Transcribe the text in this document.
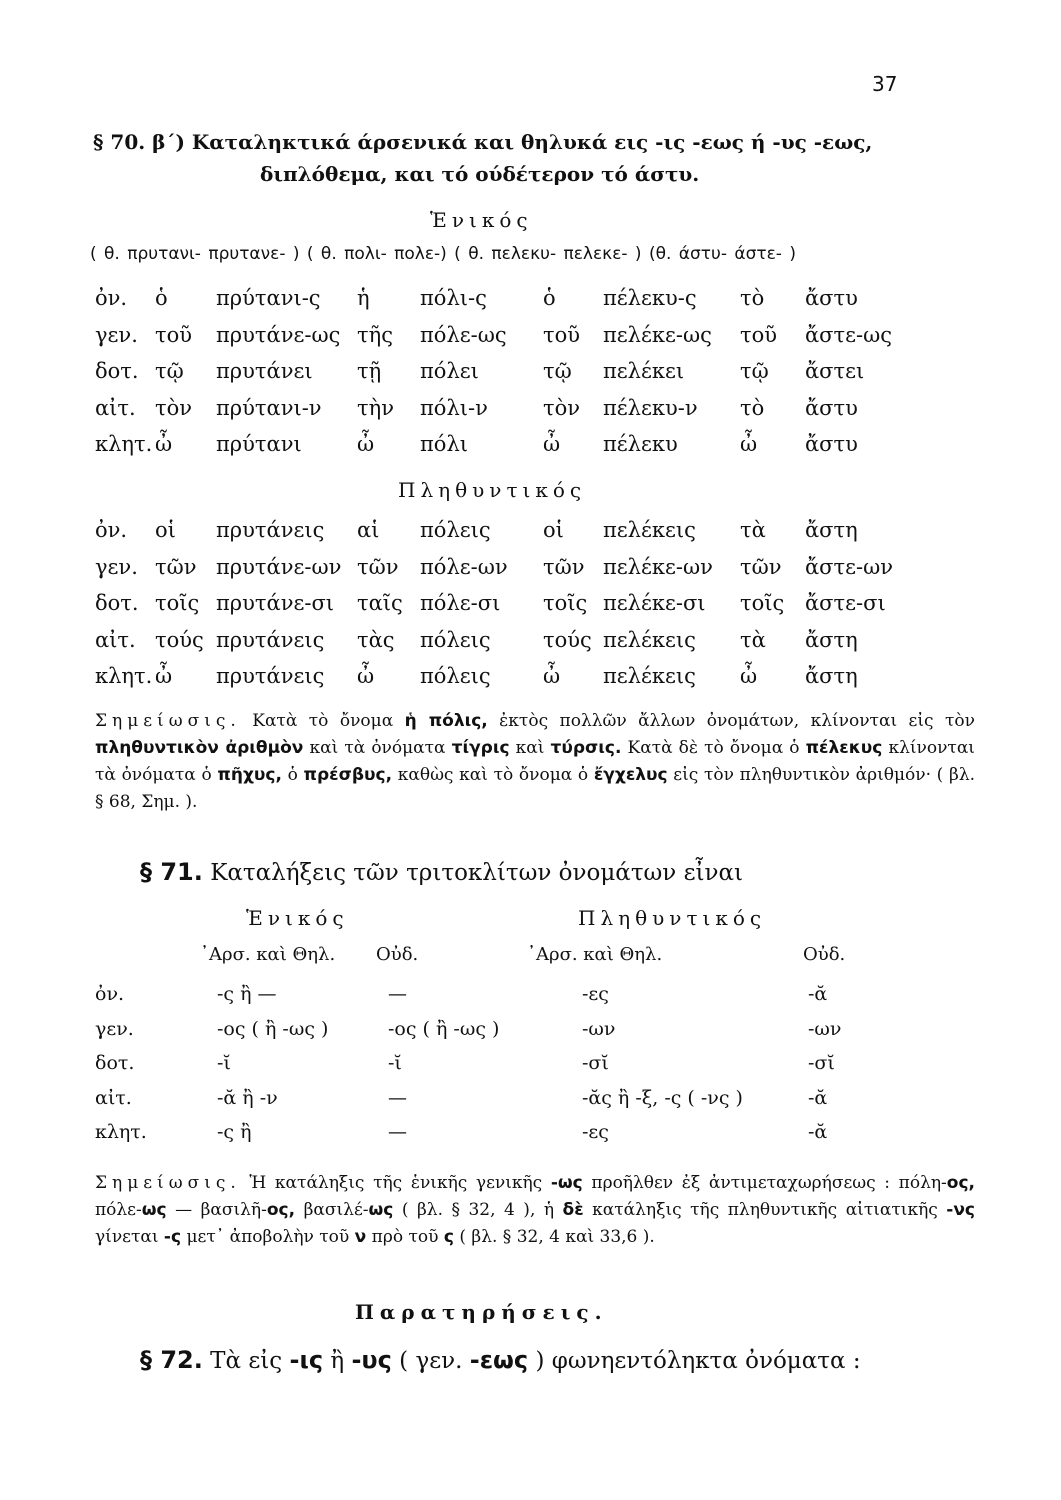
37
§ 70. β΄) Καταληκτικά άρσενικά και θηλυκά εις -ις -εως ή -υς -εως,
διπλόθεμα, και τό ούδέτερον τό άστυ.
Ἑνικός
( θ. πρυτανι- πρυτανε- ) ( θ. πολι- πολε-) ( θ. πελεκυ- πελεκε- ) (θ. άστυ- άστε- )
ὀν. ὁ πρύτανι-ς ἡ πόλι-ς	ὁ πέλεκυ-ς τὸ ἄστυ
γεν. τοῦ πρυτάνε-ως τῆς πόλε-ως τοῦ πελέκε-ως τοῦ ἄστε-ως
δοτ. τῷ πρυτάνει τῇ πόλει	τῷ πελέκει	τῷ ἄστει
αἰτ. τὸν πρύτανι-ν τὴν πόλι-ν	τὸν πέλεκυ-ν τὸ ἄστυ
κλητ. ὦ πρύτανι	ὦ πόλι	ὦ πέλεκυ	ὦ ἄστυ
Πληθυντικός
ὀν. οἱ πρυτάνεις αἱ πόλεις οἱ πελέκεις τὰ ἄστη
γεν. τῶν πρυτάνε-ων τῶν πόλε-ων τῶν πελέκε-ων τῶν ἄστε-ων
δοτ. τοῖς πρυτάνε-σι ταῖς πόλε-σι τοῖς πελέκε-σι τοῖς ἄστε-σι
αἰτ. τούς πρυτάνεις τὰς πόλεις τούς πελέκεις τὰ ἄστη
κλητ. ὦ πρυτάνεις ὦ πόλεις ὦ πελέκεις ὦ ἄστη
Σημείωσις. Κατὰ τὸ ὄνομα ἡ πόλις, ἐκτὸς πολλῶν ἄλλων ὀνομάτων, κλίνονται εἰς τὸν πληθυντικὸν ἀριθμὸν καὶ τὰ ὀνόματα τίγρις καὶ τύρσις. Κατὰ δὲ τὸ ὄνομα ὁ πέλεκυς κλίνονται τὰ ὀνόματα ὁ πῆχυς, ὁ πρέσβυς, καθὼς καὶ τὸ ὄνομα ὁ ἔγχελυς εἰς τὸν πληθυντικὸν ἀριθμόν· ( βλ. § 68, Σημ. ).
§ 71. Καταλήξεις τῶν τριτοκλίτων ὀνομάτων εἶναι
Ἑνικός	Πληθυντικός
᾿Αρσ. καὶ Θηλ. Οὐδ.	᾿Αρσ. καὶ Θηλ.	Οὐδ.
ὀν.	-ς ἢ —	—	-ες	-ᾰ
γεν.	-ος ( ἢ -ως )	-ος ( ἢ -ως )	-ων	-ων
δοτ.	-ῐ	-ῐ	-σῐ	-σῐ
αἰτ.	-ᾰ ἢ -ν	—	-ᾰς ἢ -ξ, -ς ( -νς )	-ᾰ
κλητ.	-ς ἢ	—	-ες	-ᾰ
Σημείωσις. Ἡ κατάληξις τῆς ἑνικῆς γενικῆς -ως προῆλθεν ἐξ ἀντιμεταχωρήσεως : πόλη-ος, πόλε-ως — βασιλῆ-ος, βασιλέ-ως ( βλ. § 32, 4 ), ἡ δὲ κατάληξις τῆς πληθυντικῆς αἰτιατικῆς -νς γίνεται -ς μετ᾿ ἀποβολὴν τοῦ ν πρὸ τοῦ ς ( βλ. § 32, 4 καὶ 33,6 ).
Παρατηρήσεις.
§ 72. Τὰ εἰς -ις ἢ -υς ( γεν. -εως ) φωνηεντόληκτα ὀνόματα :
